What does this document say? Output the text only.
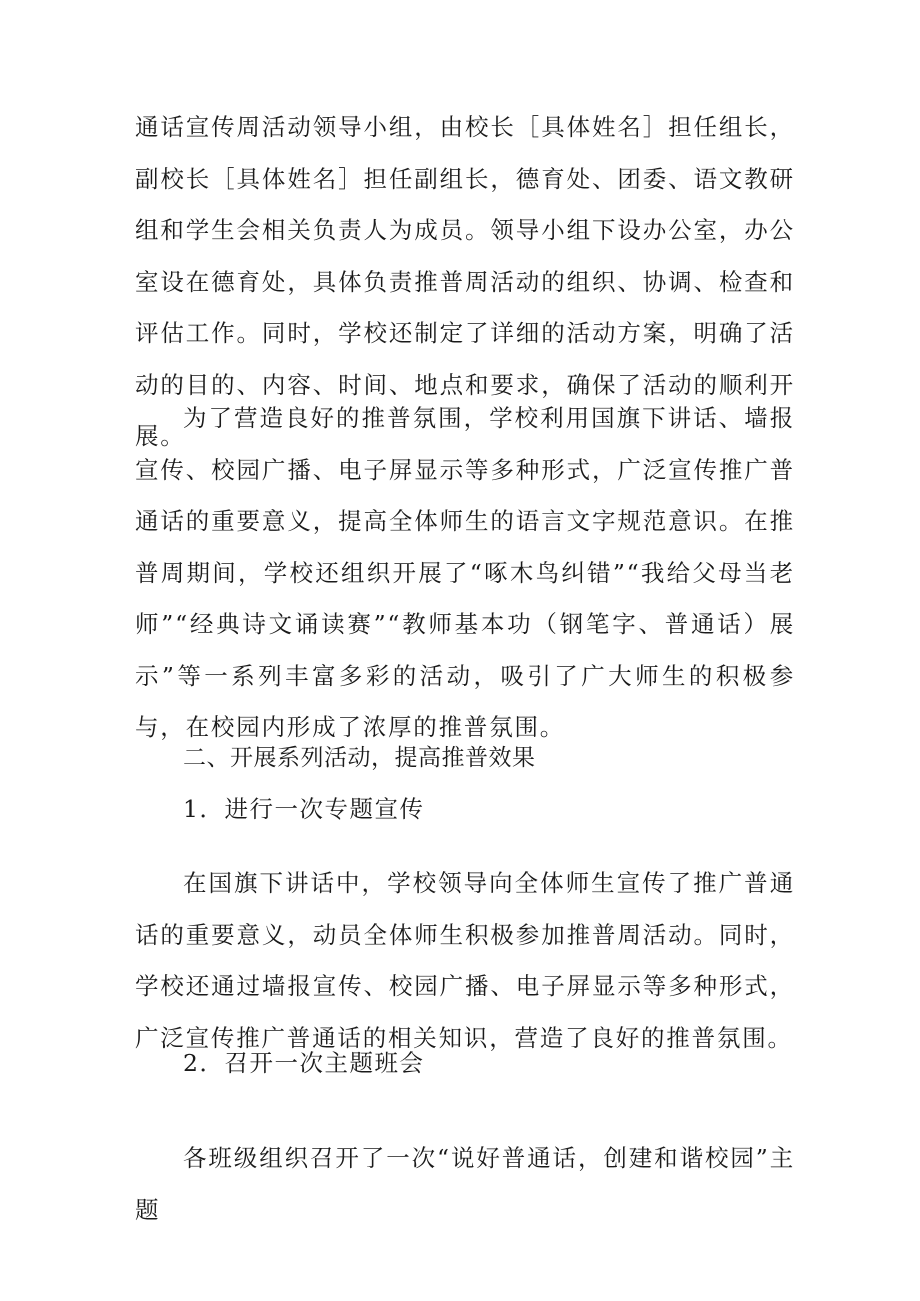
通话宣传周活动领导小组，由校长［具体姓名］担任组长，副校长［具体姓名］担任副组长，德育处、团委、语文教研组和学生会相关负责人为成员。领导小组下设办公室，办公室设在德育处，具体负责推普周活动的组织、协调、检查和评估工作。同时，学校还制定了详细的活动方案，明确了活动的目的、内容、时间、地点和要求，确保了活动的顺利开展。

为了营造良好的推普氛围，学校利用国旗下讲话、墙报宣传、校园广播、电子屏显示等多种形式，广泛宣传推广普通话的重要意义，提高全体师生的语言文字规范意识。在推普周期间，学校还组织开展了“啄木鸟纠错”“我给父母当老师”“经典诗文诵读赛”“教师基本功（钢笔字、普通话）展示”等一系列丰富多彩的活动，吸引了广大师生的积极参与，在校园内形成了浓厚的推普氛围。

二、开展系列活动，提高推普效果

1．进行一次专题宣传

在国旗下讲话中，学校领导向全体师生宣传了推广普通话的重要意义，动员全体师生积极参加推普周活动。同时，学校还通过墙报宣传、校园广播、电子屏显示等多种形式，广泛宣传推广普通话的相关知识，营造了良好的推普氛围。

2．召开一次主题班会

各班级组织召开了一次“说好普通话，创建和谐校园”主题
